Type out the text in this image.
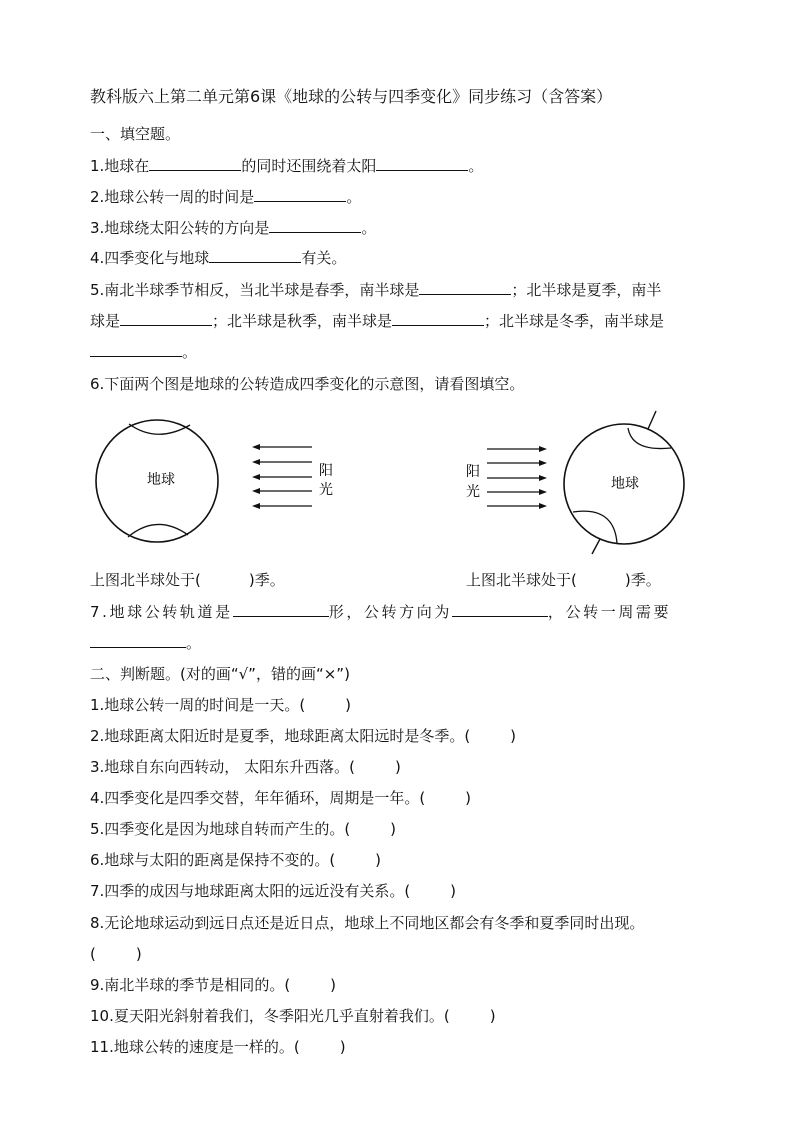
教科版六上第二单元第6课《地球的公转与四季变化》同步练习（含答案）
一、填空题。
1.地球在	的同时还围绕着太阳	。
2.地球公转一周的时间是	。
3.地球绕太阳公转的方向是	。
4.四季变化与地球	有关。
5.南北半球季节相反，当北半球是春季，南半球是	；北半球是夏季，南半
球是	；北半球是秋季，南半球是	；北半球是冬季，南半球是
。
6.下面两个图是地球的公转造成四季变化的示意图，请看图填空。
地球
阳
光
阳
光	地球
上图北半球处于(	)季。	上图北半球处于(	)季。
7.地球公转轨道是	形，公转方向为	，公转一周需要
。
二、判断题。(对的画“√”，错的画“×”)
1.地球公转一周的时间是一天。(	)
2.地球距离太阳近时是夏季，地球距离太阳远时是冬季。(	)
3.地球自东向西转动， 太阳东升西落。(	)
4.四季变化是四季交替，年年循环，周期是一年。(	)
5.四季变化是因为地球自转而产生的。(	)
6.地球与太阳的距离是保持不变的。(	)
7.四季的成因与地球距离太阳的远近没有关系。(	)
8.无论地球运动到远日点还是近日点，地球上不同地区都会有冬季和夏季同时出现。
(	)
9.南北半球的季节是相同的。(	)
10.夏天阳光斜射着我们，冬季阳光几乎直射着我们。(	)
11.地球公转的速度是一样的。(	)
